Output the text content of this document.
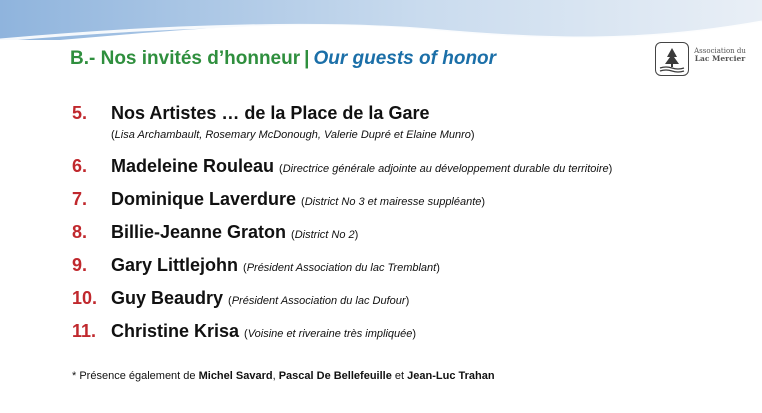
B.- Nos invités d’honneur | Our guests of honor	Association du
Lac Mercier
5.	Nos Artistes … de la Place de la Gare
6.	Madeleine Rouleau (Directrice générale adjointe au développement durable du territoire)
7.	Dominique Laverdure (District No 3 et mairesse suppléante)
8.	Billie-Jeanne Graton (District No 2)
9.	Gary Littlejohn (Président Association du lac Tremblant)
10. Guy Beaudry (Président Association du lac Dufour)
11. Christine Krisa (Voisine et riveraine très impliquée)
(Lisa Archambault, Rosemary McDonough, Valerie Dupré et Elaine Munro)
* Présence également de Michel Savard, Pascal De Bellefeuille et Jean-Luc Trahan
